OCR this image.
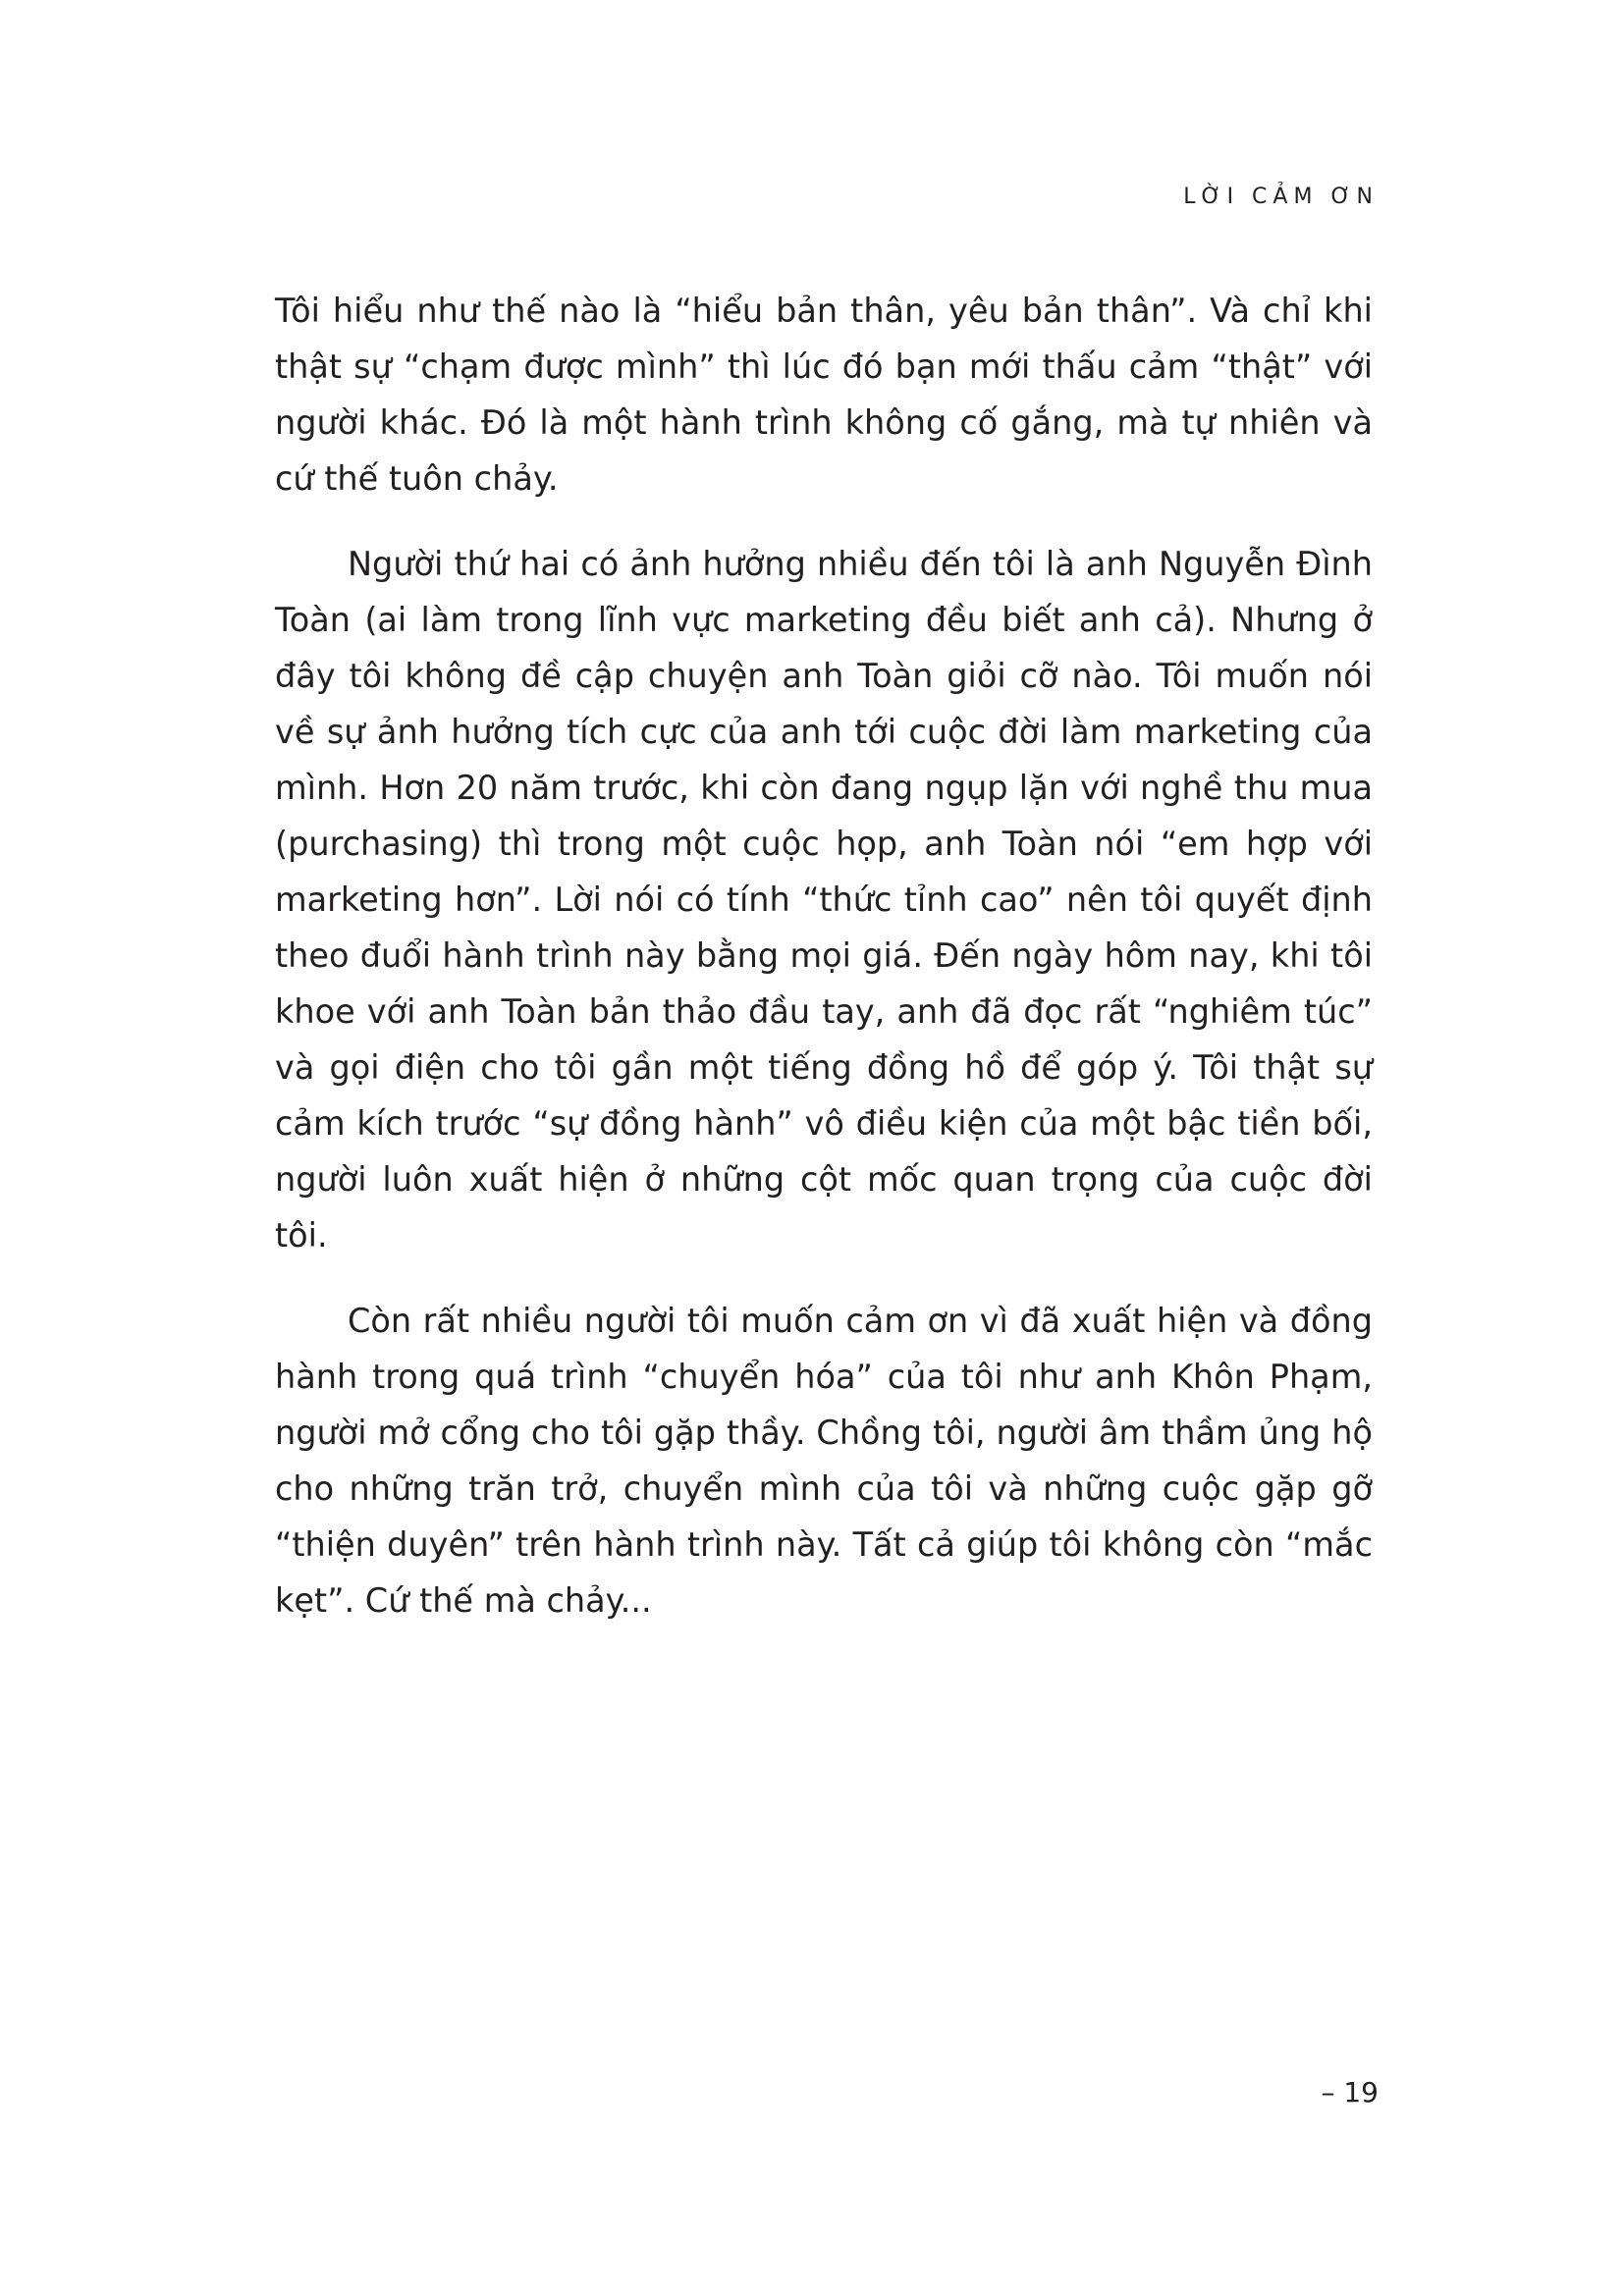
LỜI CẢM ƠN

Tôi hiểu như thế nào là “hiểu bản thân, yêu bản thân”. Và chỉ khi thật sự “chạm được mình” thì lúc đó bạn mới thấu cảm “thật” với người khác. Đó là một hành trình không cố gắng, mà tự nhiên và cứ thế tuôn chảy.

Người thứ hai có ảnh hưởng nhiều đến tôi là anh Nguyễn Đình Toàn (ai làm trong lĩnh vực marketing đều biết anh cả). Nhưng ở đây tôi không đề cập chuyện anh Toàn giỏi cỡ nào. Tôi muốn nói về sự ảnh hưởng tích cực của anh tới cuộc đời làm marketing của mình. Hơn 20 năm trước, khi còn đang ngụp lặn với nghề thu mua (purchasing) thì trong một cuộc họp, anh Toàn nói “em hợp với marketing hơn”. Lời nói có tính “thức tỉnh cao” nên tôi quyết định theo đuổi hành trình này bằng mọi giá. Đến ngày hôm nay, khi tôi khoe với anh Toàn bản thảo đầu tay, anh đã đọc rất “nghiêm túc” và gọi điện cho tôi gần một tiếng đồng hồ để góp ý. Tôi thật sự cảm kích trước “sự đồng hành” vô điều kiện của một bậc tiền bối, người luôn xuất hiện ở những cột mốc quan trọng của cuộc đời tôi.

Còn rất nhiều người tôi muốn cảm ơn vì đã xuất hiện và đồng hành trong quá trình “chuyển hóa” của tôi như anh Khôn Phạm, người mở cổng cho tôi gặp thầy. Chồng tôi, người âm thầm ủng hộ cho những trăn trở, chuyển mình của tôi và những cuộc gặp gỡ “thiện duyên” trên hành trình này. Tất cả giúp tôi không còn “mắc kẹt”. Cứ thế mà chảy...

– 19
